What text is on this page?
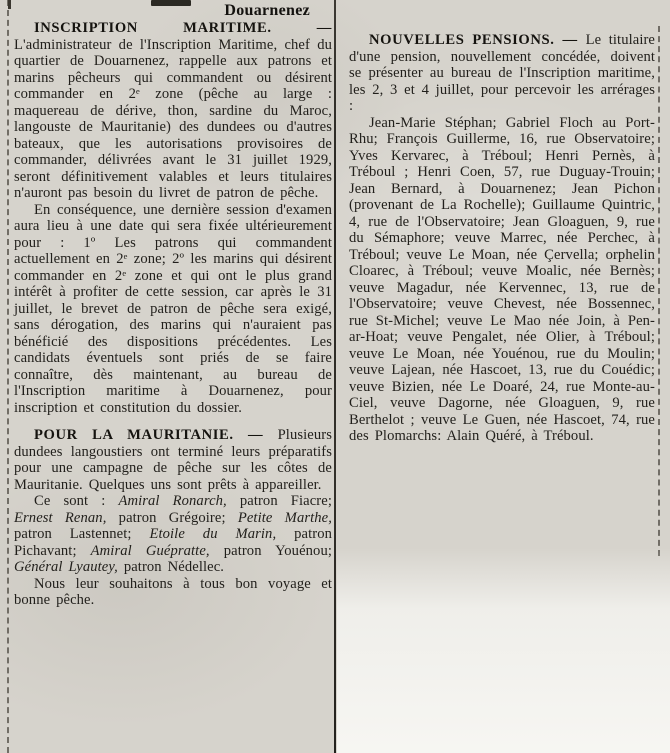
Douarnenez

INSCRIPTION MARITIME. — L'administrateur de l'Inscription Maritime, chef du quartier de Douarnenez, rappelle aux patrons et marins pêcheurs qui commandent ou désirent commander en 2ᵉ zone (pêche au large : maquereau de dérive, thon, sardine du Maroc, langouste de Mauritanie) des dundees ou d'autres bateaux, que les autorisations provisoires de commander, délivrées avant le 31 juillet 1929, seront définitivement valables et leurs titulaires n'auront pas besoin du livret de patron de pêche.

En conséquence, une dernière session d'examen aura lieu à une date qui sera fixée ultérieurement pour : 1º Les patrons qui commandent actuellement en 2ᵉ zone; 2º les marins qui désirent commander en 2ᵉ zone et qui ont le plus grand intérêt à profiter de cette session, car après le 31 juillet, le brevet de patron de pêche sera exigé, sans dérogation, des marins qui n'auraient pas bénéficié des dispositions précédentes. Les candidats éventuels sont priés de se faire connaître, dès maintenant, au bureau de l'Inscription maritime à Douarnenez, pour inscription et constitution du dossier.

POUR LA MAURITANIE. — Plusieurs dundees langoustiers ont terminé leurs préparatifs pour une campagne de pêche sur les côtes de Mauritanie. Quelques uns sont prêts à appareiller.

Ce sont : Amiral Ronarch, patron Fiacre; Ernest Renan, patron Grégoire; Petite Marthe, patron Lastennet; Etoile du Marin, patron Pichavant; Amiral Guépratte, patron Youénou; Général Lyautey, patron Nédellec.

Nous leur souhaitons à tous bon voyage et bonne pêche.

NOUVELLES PENSIONS. — Le titulaire d'une pension, nouvellement concédée, doivent se présenter au bureau de l'Inscription maritime, les 2, 3 et 4 juillet, pour percevoir les arrérages :

Jean-Marie Stéphan; Gabriel Floch au Port-Rhu; François Guillerme, 16, rue Observatoire; Yves Kervarec, à Tréboul; Henri Pernès, à Tréboul ; Henri Coen, 57, rue Duguay-Trouin; Jean Bernard, à Douarnenez; Jean Pichon (provenant de La Rochelle); Guillaume Quintric, 4, rue de l'Observatoire; Jean Gloaguen, 9, rue du Sémaphore; veuve Marrec, née Perchec, à Tréboul; veuve Le Moan, née Çervella; orphelin Cloarec, à Tréboul; veuve Moalic, née Bernès; veuve Magadur, née Kervennec, 13, rue de l'Observatoire; veuve Chevest, née Bossennec, rue St-Michel; veuve Le Mao née Join, à Pen-ar-Hoat; veuve Pengalet, née Olier, à Tréboul; veuve Le Moan, née Youénou, rue du Moulin; veuve Lajean, née Hascoet, 13, rue du Couédic; veuve Bizien, née Le Doaré, 24, rue Monte-au-Ciel, veuve Dagorne, née Gloaguen, 9, rue Berthelot ; veuve Le Guen, née Hascoet, 74, rue des Plomarchs: Alain Quéré, à Tréboul.
